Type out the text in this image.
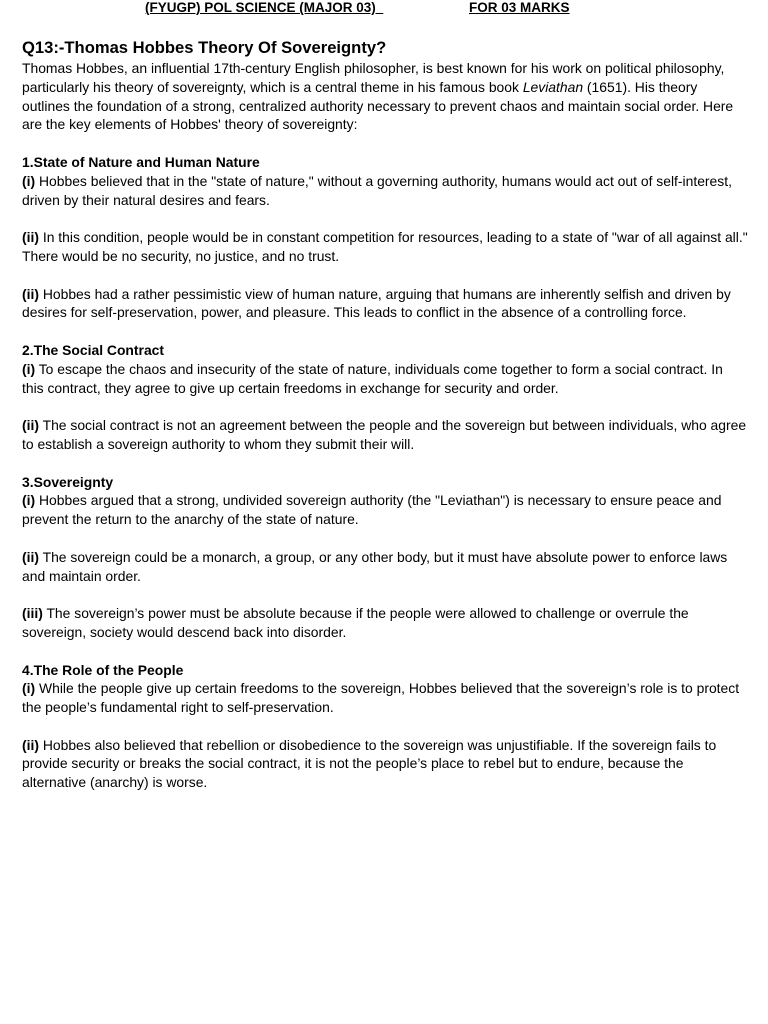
(FYUGP) POL SCIENCE (MAJOR 03)	FOR 03 MARKS
Q13:-Thomas Hobbes Theory Of Sovereignty?

Thomas Hobbes, an influential 17th-century English philosopher, is best known for his work on political philosophy, particularly his theory of sovereignty, which is a central theme in his famous book Leviathan (1651). His theory outlines the foundation of a strong, centralized authority necessary to prevent chaos and maintain social order. Here are the key elements of Hobbes' theory of sovereignty:

1.State of Nature and Human Nature

(i) Hobbes believed that in the "state of nature," without a governing authority, humans would act out of self-interest, driven by their natural desires and fears.

(ii) In this condition, people would be in constant competition for resources, leading to a state of "war of all against all." There would be no security, no justice, and no trust.

(ii) Hobbes had a rather pessimistic view of human nature, arguing that humans are inherently selfish and driven by desires for self-preservation, power, and pleasure. This leads to conflict in the absence of a controlling force.

2.The Social Contract

(i) To escape the chaos and insecurity of the state of nature, individuals come together to form a social contract. In this contract, they agree to give up certain freedoms in exchange for security and order.

(ii) The social contract is not an agreement between the people and the sovereign but between individuals, who agree to establish a sovereign authority to whom they submit their will.

3.Sovereignty

(i) Hobbes argued that a strong, undivided sovereign authority (the "Leviathan") is necessary to ensure peace and prevent the return to the anarchy of the state of nature.

(ii) The sovereign could be a monarch, a group, or any other body, but it must have absolute power to enforce laws and maintain order.

(iii) The sovereign’s power must be absolute because if the people were allowed to challenge or overrule the sovereign, society would descend back into disorder.

4.The Role of the People

(i) While the people give up certain freedoms to the sovereign, Hobbes believed that the sovereign’s role is to protect the people’s fundamental right to self-preservation.

(ii) Hobbes also believed that rebellion or disobedience to the sovereign was unjustifiable. If the sovereign fails to provide security or breaks the social contract, it is not the people’s place to rebel but to endure, because the alternative (anarchy) is worse.
